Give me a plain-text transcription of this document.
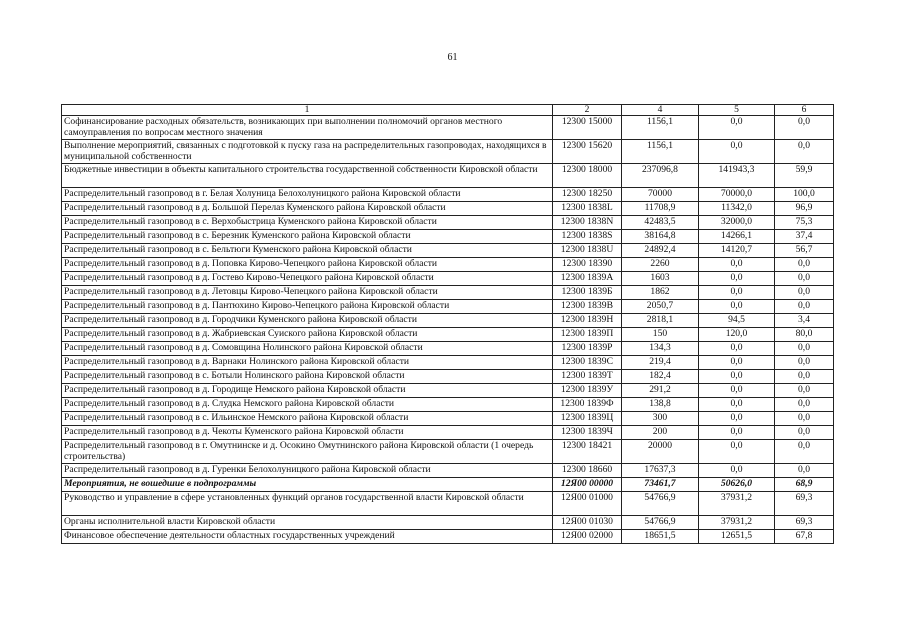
61
1	2	4	5	6
Софинансирование расходных обязательств, возникающих при выполнении полномочий органов местного самоуправления по вопросам местного значения	12300 15000	1156,1	0,0	0,0
Выполнение мероприятий, связанных с подготовкой к пуску газа на распределительных газопроводах, находящихся в муниципальной собственности	12300 15620	1156,1	0,0	0,0
Бюджетные инвестиции в объекты капитального строительства государственной собственности Кировской области	12300 18000	237096,8	141943,3	59,9
Распределительный газопровод в г. Белая Холуница Белохолуницкого района Кировской области	12300 18250	70000	70000,0	100,0
Распределительный газопровод в д. Большой Перелаз Куменского района Кировской области	12300 1838L	11708,9	11342,0	96,9
Распределительный газопровод в с. Верхобыстрица Куменского района Кировской области	12300 1838N	42483,5	32000,0	75,3
Распределительный газопровод в с. Березник Куменского района Кировской области	12300 1838S	38164,8	14266,1	37,4
Распределительный газопровод в с. Бельтюги Куменского района Кировской области	12300 1838U	24892,4	14120,7	56,7
Распределительный газопровод в д. Поповка Кирово-Чепецкого района Кировской области	12300 18390	2260	0,0	0,0
Распределительный газопровод в д. Гостево Кирово-Чепецкого района Кировской области	12300 1839А	1603	0,0	0,0
Распределительный газопровод в д. Летовцы Кирово-Чепецкого района Кировской области	12300 1839Б	1862	0,0	0,0
Распределительный газопровод в д. Пантюхино Кирово-Чепецкого района Кировской области	12300 1839В	2050,7	0,0	0,0
Распределительный газопровод в д. Городчики Куменского района Кировской области	12300 1839Н	2818,1	94,5	3,4
Распределительный газопровод в д. Жабриевская Суиского района Кировской области	12300 1839П	150	120,0	80,0
Распределительный газопровод в д. Сомовщина Нолинского района Кировской области	12300 1839Р	134,3	0,0	0,0
Распределительный газопровод в д. Варнаки Нолинского района Кировской области	12300 1839С	219,4	0,0	0,0
Распределительный газопровод в с. Ботыли Нолинского района Кировской области	12300 1839Т	182,4	0,0	0,0
Распределительный газопровод в д. Городище Немского района Кировской области	12300 1839У	291,2	0,0	0,0
Распределительный газопровод в д. Слудка Немского района Кировской области	12300 1839Ф	138,8	0,0	0,0
Распределительный газопровод в с. Ильинское Немского района Кировской области	12300 1839Ц	300	0,0	0,0
Распределительный газопровод в д. Чекоты Куменского района Кировской области	12300 1839Ч	200	0,0	0,0
Распределительный газопровод в г. Омутнинске и д. Осокино Омутнинского района Кировской области (1 очередь строительства)	12300 18421	20000	0,0	0,0
Распределительный газопровод в д. Гуренки Белохолуницкого района Кировской области	12300 18660	17637,3	0,0	0,0
Мероприятия, не вошедшие в подпрограммы	12Я00 00000	73461,7	50626,0	68,9
Руководство и управление в сфере установленных функций органов государственной власти Кировской области	12Я00 01000	54766,9	37931,2	69,3
Органы исполнительной власти Кировской области	12Я00 01030	54766,9	37931,2	69,3
Финансовое обеспечение деятельности областных государственных учреждений	12Я00 02000	18651,5	12651,5	67,8
